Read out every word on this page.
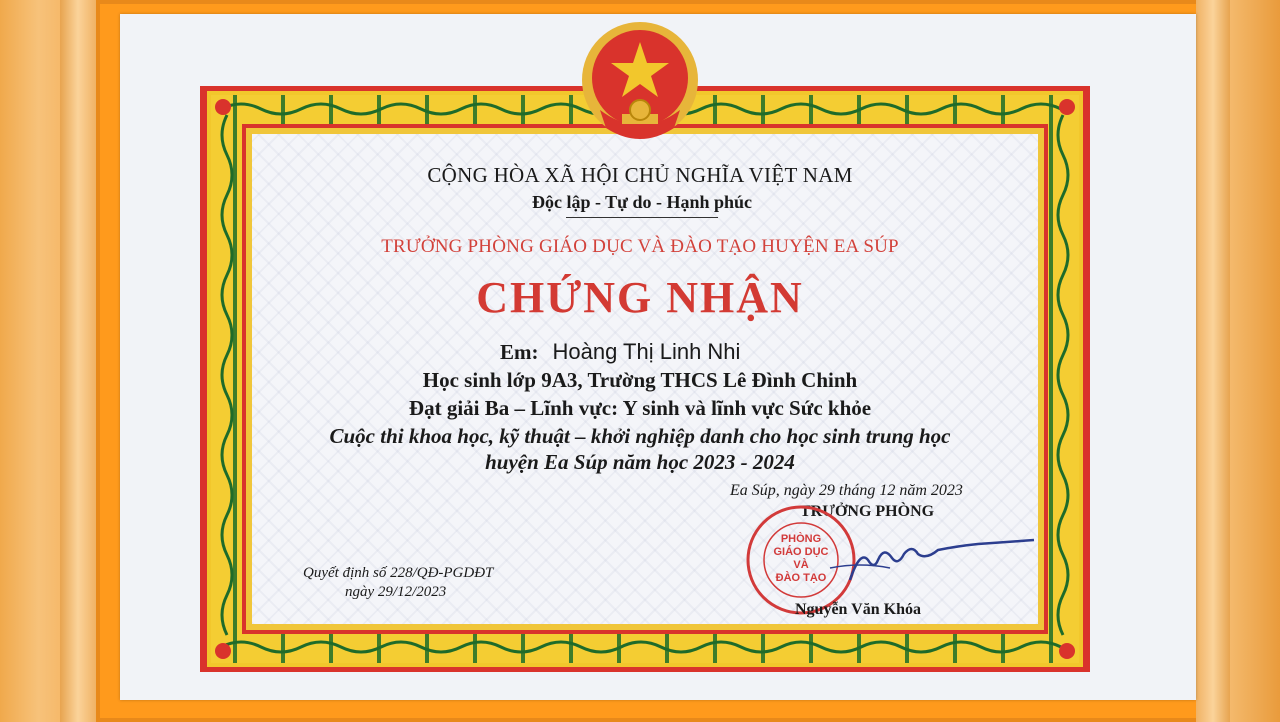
CỘNG HÒA XÃ HỘI CHỦ NGHĨA VIỆT NAM
Độc lập - Tự do - Hạnh phúc
TRƯỞNG PHÒNG GIÁO DỤC VÀ ĐÀO TẠO HUYỆN EA SÚP
CHỨNG NHẬN
Em: Hoàng Thị Linh Nhi
Học sinh lớp 9A3, Trường THCS Lê Đình Chinh
Đạt giải Ba – Lĩnh vực: Y sinh và lĩnh vực Sức khỏe
Cuộc thi khoa học, kỹ thuật – khởi nghiệp danh cho học sinh trung học
huyện Ea Súp năm học 2023 - 2024
Ea Súp, ngày 29 tháng 12 năm 2023
TRƯỞNG PHÒNG
PHÒNG
GIÁO DỤC
VÀ
ĐÀO TẠO
Nguyễn Văn Khóa
Quyết định số 228/QĐ-PGDĐT
ngày 29/12/2023
